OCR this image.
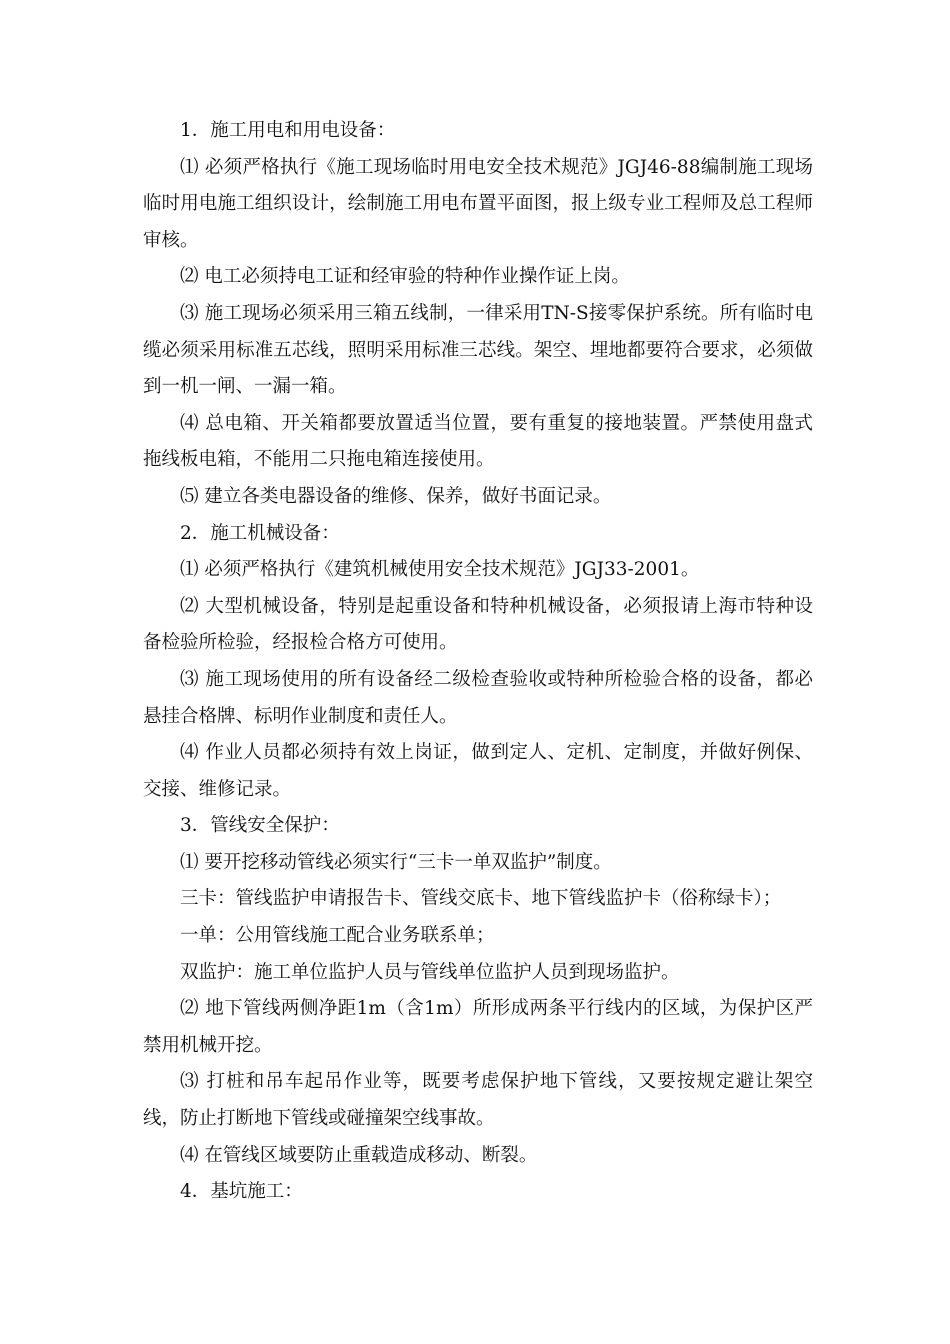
1．施工用电和用电设备：

⑴ 必须严格执行《施工现场临时用电安全技术规范》JGJ46-88编制施工现场临时用电施工组织设计，绘制施工用电布置平面图，报上级专业工程师及总工程师审核。

⑵ 电工必须持电工证和经审验的特种作业操作证上岗。

⑶ 施工现场必须采用三箱五线制，一律采用TN-S接零保护系统。所有临时电缆必须采用标准五芯线，照明采用标准三芯线。架空、埋地都要符合要求，必须做到一机一闸、一漏一箱。

⑷ 总电箱、开关箱都要放置适当位置，要有重复的接地装置。严禁使用盘式拖线板电箱，不能用二只拖电箱连接使用。

⑸ 建立各类电器设备的维修、保养，做好书面记录。

2．施工机械设备：

⑴ 必须严格执行《建筑机械使用安全技术规范》JGJ33-2001。

⑵ 大型机械设备，特别是起重设备和特种机械设备，必须报请上海市特种设备检验所检验，经报检合格方可使用。

⑶ 施工现场使用的所有设备经二级检查验收或特种所检验合格的设备，都必悬挂合格牌、标明作业制度和责任人。

⑷ 作业人员都必须持有效上岗证，做到定人、定机、定制度，并做好例保、交接、维修记录。

3．管线安全保护：

⑴ 要开挖移动管线必须实行“三卡一单双监护”制度。

三卡：管线监护申请报告卡、管线交底卡、地下管线监护卡（俗称绿卡）；

一单：公用管线施工配合业务联系单；

双监护：施工单位监护人员与管线单位监护人员到现场监护。

⑵ 地下管线两侧净距1m（含1m）所形成两条平行线内的区域，为保护区严禁用机械开挖。

⑶ 打桩和吊车起吊作业等，既要考虑保护地下管线，又要按规定避让架空线，防止打断地下管线或碰撞架空线事故。

⑷ 在管线区域要防止重载造成移动、断裂。

4．基坑施工：
